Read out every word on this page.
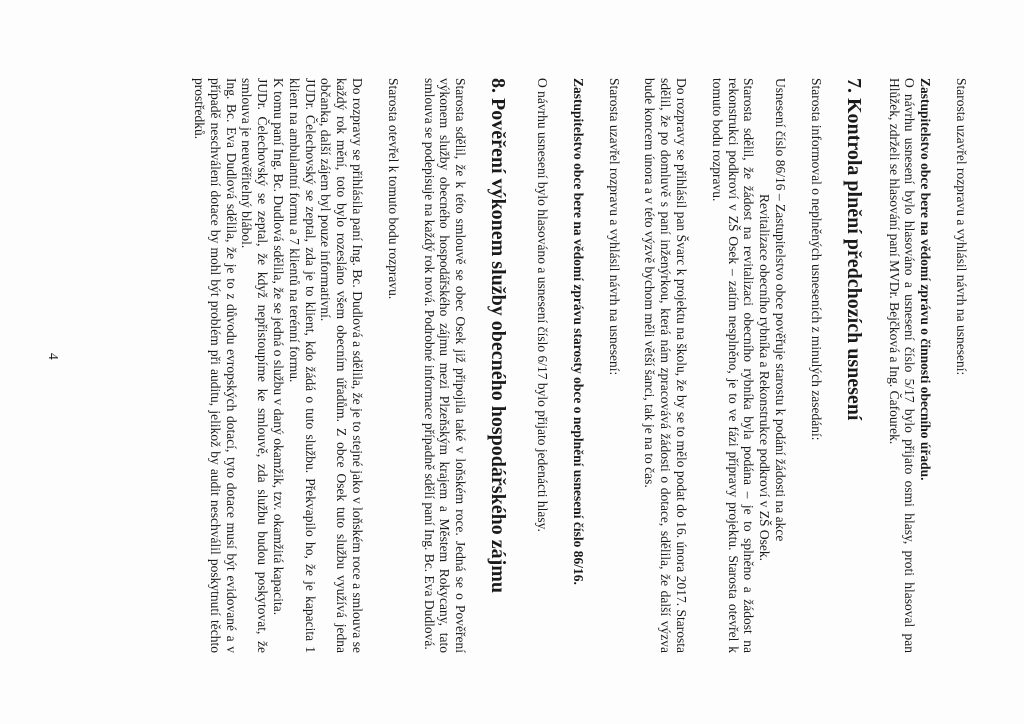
Starosta uzavřel rozpravu a vyhlásil návrh na usnesení:

Zastupitelstvo obce bere na vědomí zprávu o činnosti obecního úřadu.

O návrhu usnesení bylo hlasováno a usnesení číslo 5/17 bylo přijato osmi hlasy, proti hlasoval pan Hlůžek, zdrželi se hlasování paní MVDr. Bejčková a Ing. Čafourek.

7. Kontrola plnění předchozích usnesení

Starosta informoval o neplněných usneseních z minulých zasedání:

Usnesení číslo 86/16 – Zastupitelstvo obce pověřuje starostu k podání žádosti na akce

Revitalizace obecního rybníka a Rekonstrukce podkroví v ZŠ Osek.

Starosta sdělil, že žádost na revitalizaci obecního rybníka byla podána – je to splněno a žádost na rekonstrukci podkroví v ZŠ Osek – zatím nesplněno, je to ve fázi přípravy projektu. Starosta otevřel k tomuto bodu rozpravu.

Do rozpravy se přihlásil pan Švarc k projektu na školu, že by se to mělo podat do 16. února 2017. Starosta sdělil, že po domluvě s paní inženýrkou, která nám zpracovává žádosti o dotace, sdělila, že další výzva bude koncem února a v této výzvě bychom měli větší šanci, tak je na to čas.

Starosta uzavřel rozpravu a vyhlásil návrh na usnesení:

Zastupitelstvo obce bere na vědomí zprávu starosty obce o neplnění usnesení číslo 86/16.

O návrhu usnesení bylo hlasováno a usnesení číslo 6/17 bylo přijato jedenácti hlasy.

8. Pověření výkonem služby obecného hospodářského zájmu

Starosta sdělil, že k této smlouvě se obec Osek již připojila také v loňském roce. Jedná se o Pověření výkonem služby obecného hospodářského zájmu mezi Plzeňským krajem a Městem Rokycany, tato smlouva se podepisuje na každý rok nová. Podrobné informace případně sdělí paní Ing. Bc. Eva Dudlová.

Starosta otevřel k tomuto bodu rozpravu.

Do rozpravy se přihlásila paní Ing. Bc. Dudlová a sdělila, že je to stejné jako v loňském roce a smlouva se každý rok mění, toto bylo rozesláno všem obecním úřadům. Z obce Osek tuto službu využívá jedna občanka, další zájem byl pouze informativní.

JUDr. Čelechovský se zeptal, zda je to klient, kdo žádá o tuto službu. Překvapilo ho, že je kapacita 1 klient na ambulantní formu a 7 klientů na terénní formu.

K tomu paní Ing. Bc. Dudlová sdělila, že se jedná o službu v daný okamžik, tzv. okamžitá kapacita.

JUDr. Čelechovský se zeptal, že když nepřistoupíme ke smlouvě, zda službu budou poskytovat, že smlouva je neuvěřitelný blábol.

Ing. Bc. Eva Dudlová sdělila, že je to z důvodu evropských dotací, tyto dotace musí být evidované a v případě neschválení dotace by mohl být problém při auditu, jelikož by audit neschválil poskytnutí těchto prostředků.

4
